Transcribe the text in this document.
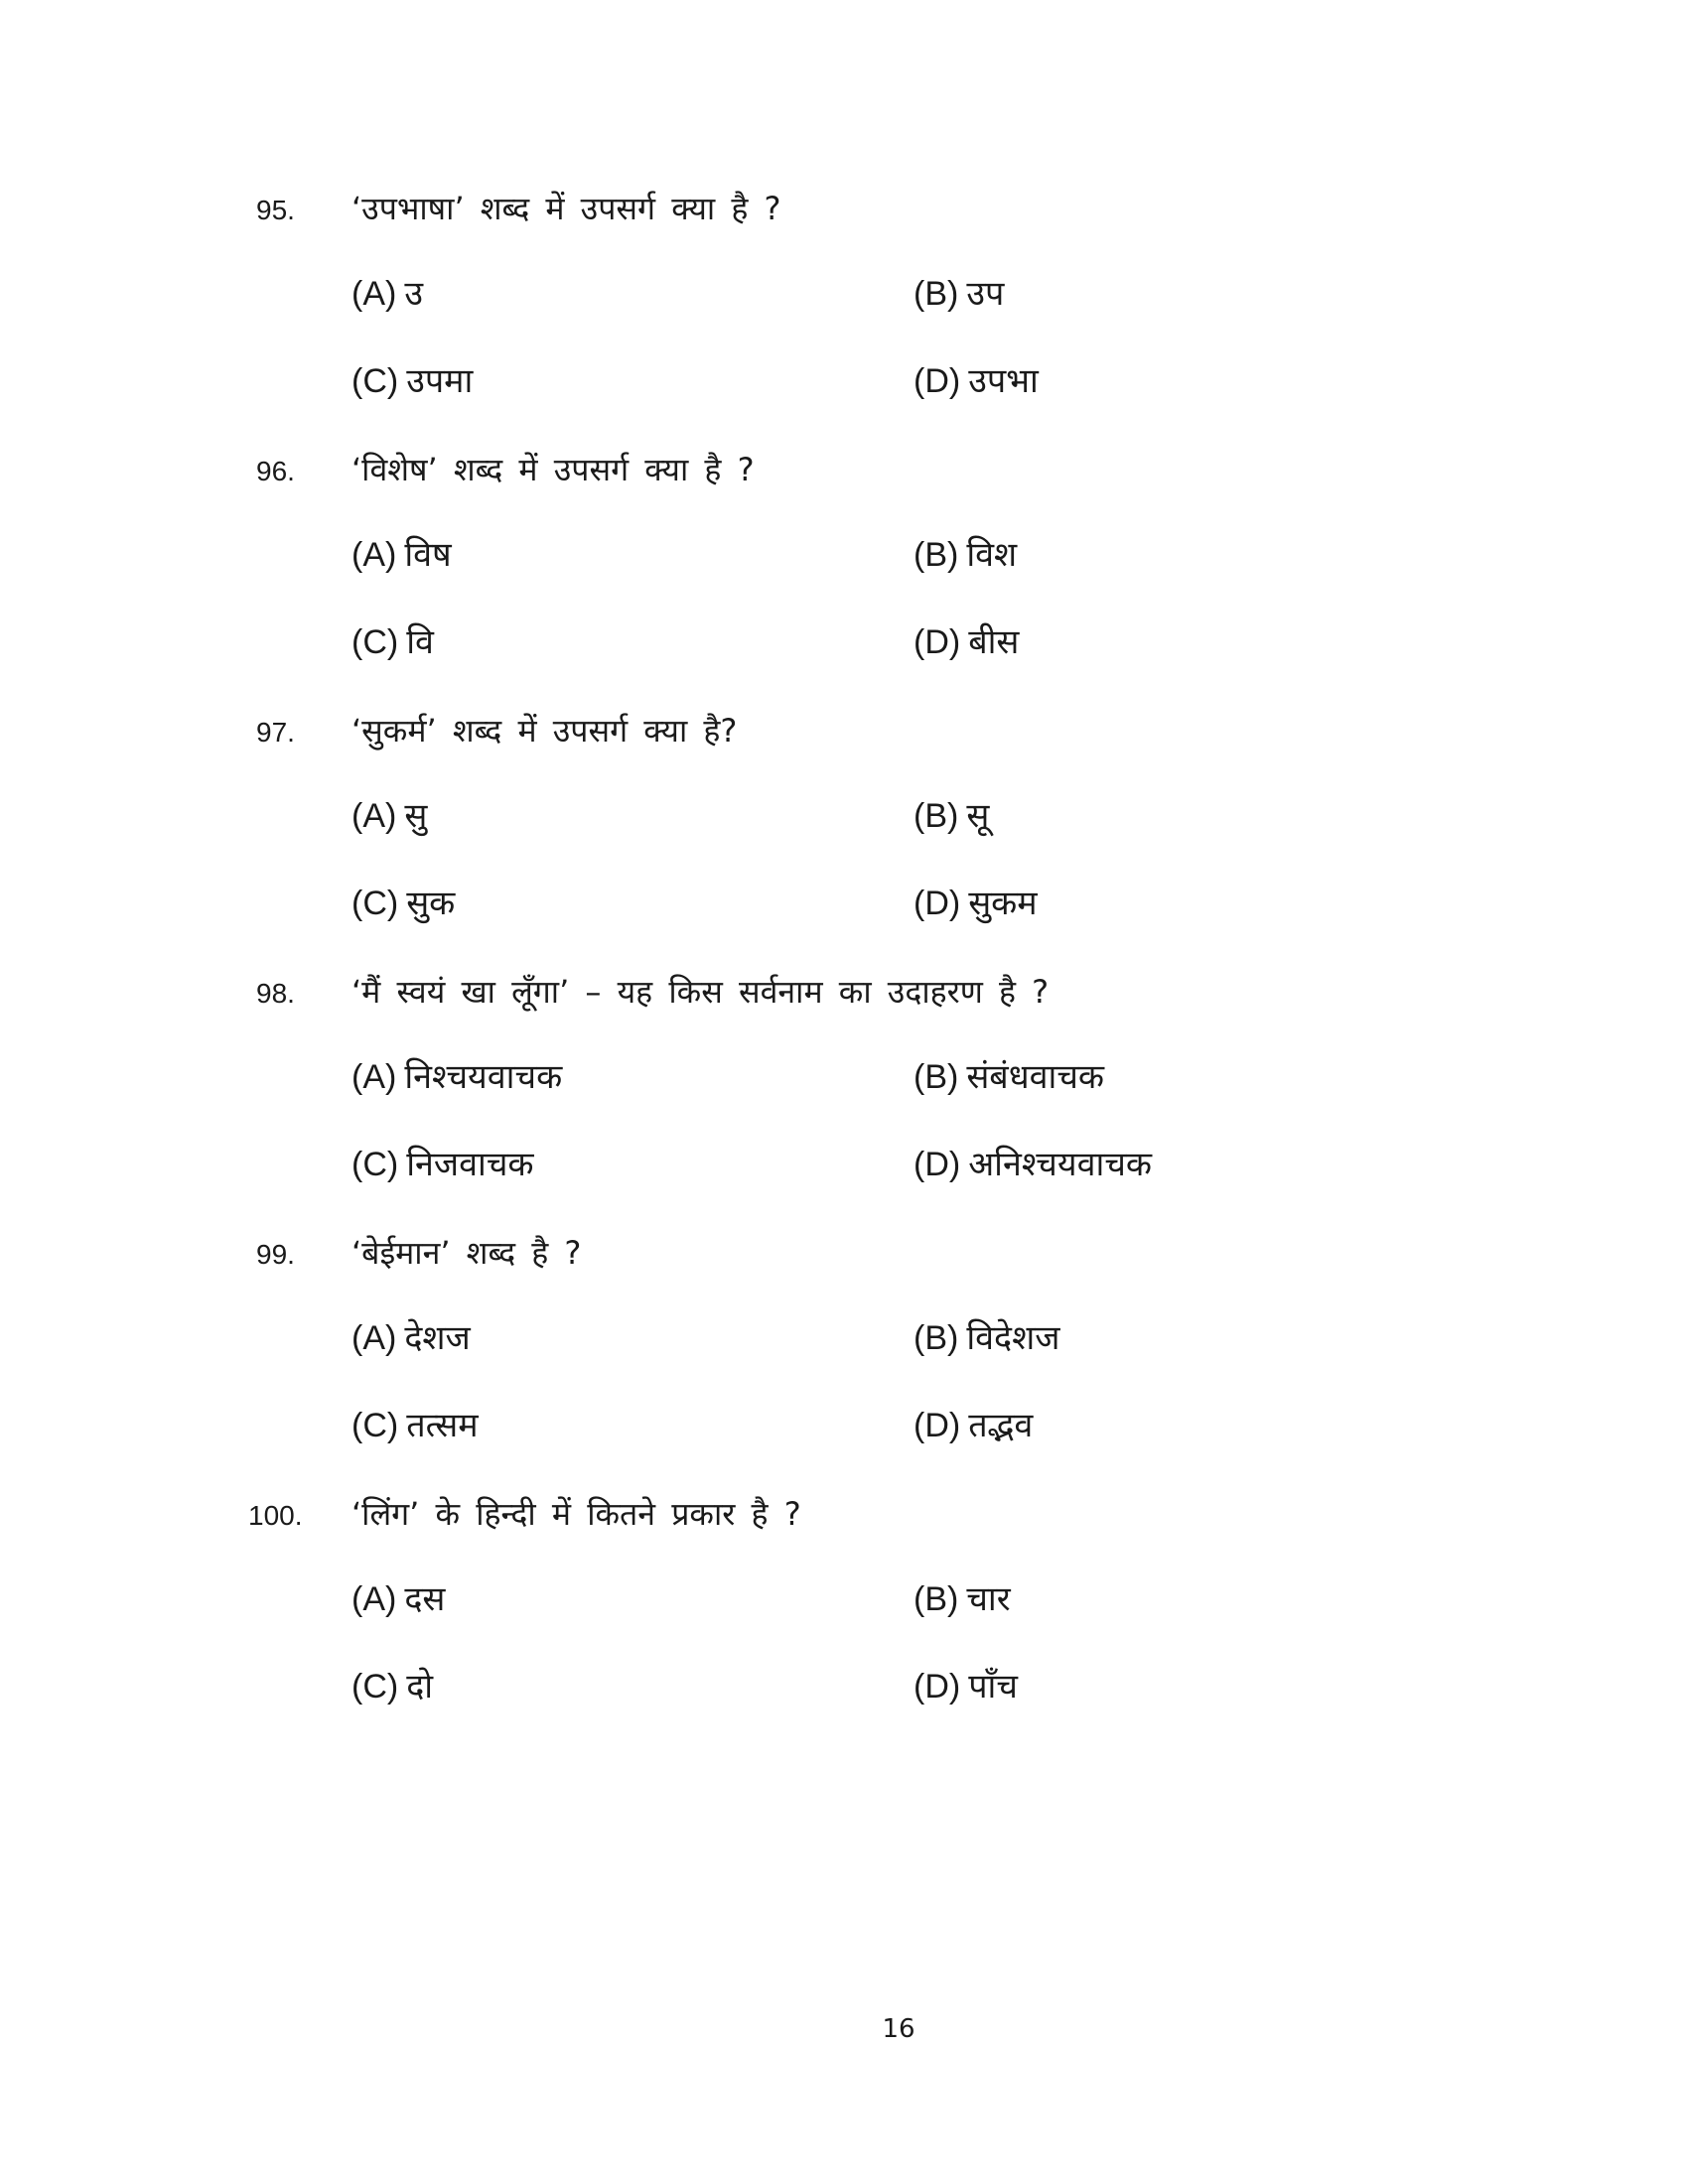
95. ‘उपभाषा’ शब्द में उपसर्ग क्या है ?
(A) उ	(B) उप
(C) उपमा	(D) उपभा
96. ‘विशेष’ शब्द में उपसर्ग क्या है ?
(A) विष	(B) विश
(C) वि	(D) बीस
97. ‘सुकर्म’ शब्द में उपसर्ग क्या है?
(A) सु	(B) सू
(C) सुक	(D) सुकम
98. ‘मैं स्वयं खा लूँगा’ – यह किस सर्वनाम का उदाहरण है ?
(A) निश्चयवाचक	(B) संबंधवाचक
(C) निजवाचक	(D) अनिश्चयवाचक
99. ‘बेईमान’ शब्द है ?
(A) देशज	(B) विदेशज
(C) तत्सम	(D) तद्भव
100. ‘लिंग’ के हिन्दी में कितने प्रकार है ?
(A) दस	(B) चार
(C) दो	(D) पाँच
16
